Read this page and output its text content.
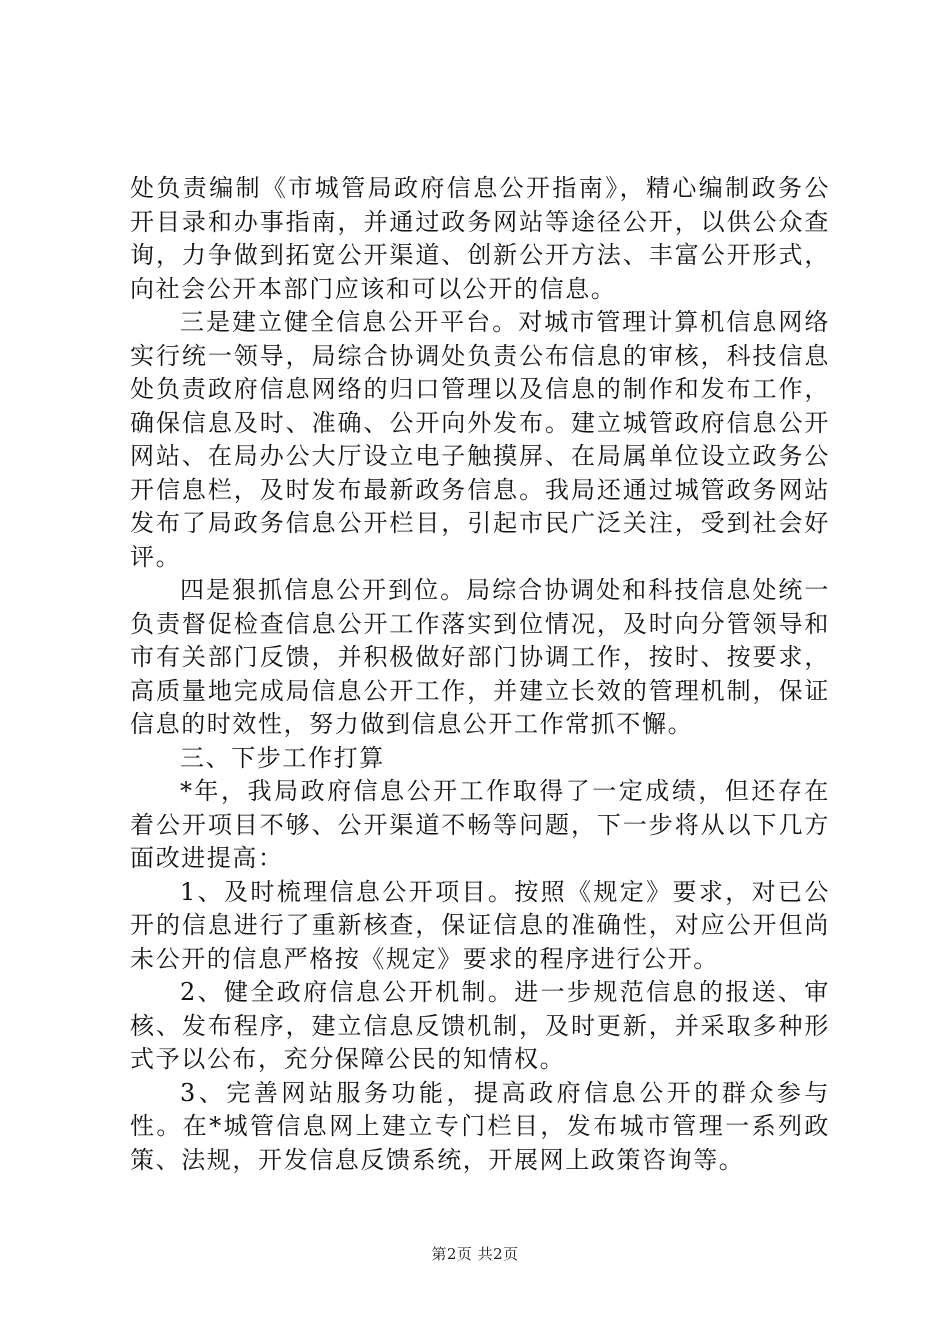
处负责编制《市城管局政府信息公开指南》，精心编制政务公开目录和办事指南，并通过政务网站等途径公开，以供公众查询，力争做到拓宽公开渠道、创新公开方法、丰富公开形式，向社会公开本部门应该和可以公开的信息。

三是建立健全信息公开平台。对城市管理计算机信息网络实行统一领导，局综合协调处负责公布信息的审核，科技信息处负责政府信息网络的归口管理以及信息的制作和发布工作，确保信息及时、准确、公开向外发布。建立城管政府信息公开网站、在局办公大厅设立电子触摸屏、在局属单位设立政务公开信息栏，及时发布最新政务信息。我局还通过城管政务网站发布了局政务信息公开栏目，引起市民广泛关注，受到社会好评。

四是狠抓信息公开到位。局综合协调处和科技信息处统一负责督促检查信息公开工作落实到位情况，及时向分管领导和市有关部门反馈，并积极做好部门协调工作，按时、按要求，高质量地完成局信息公开工作，并建立长效的管理机制，保证信息的时效性，努力做到信息公开工作常抓不懈。

三、下步工作打算

*年，我局政府信息公开工作取得了一定成绩，但还存在着公开项目不够、公开渠道不畅等问题，下一步将从以下几方面改进提高：

1、及时梳理信息公开项目。按照《规定》要求，对已公开的信息进行了重新核查，保证信息的准确性，对应公开但尚未公开的信息严格按《规定》要求的程序进行公开。

2、健全政府信息公开机制。进一步规范信息的报送、审核、发布程序，建立信息反馈机制，及时更新，并采取多种形式予以公布，充分保障公民的知情权。

3、完善网站服务功能，提高政府信息公开的群众参与性。在*城管信息网上建立专门栏目，发布城市管理一系列政策、法规，开发信息反馈系统，开展网上政策咨询等。

第2页 共2页
